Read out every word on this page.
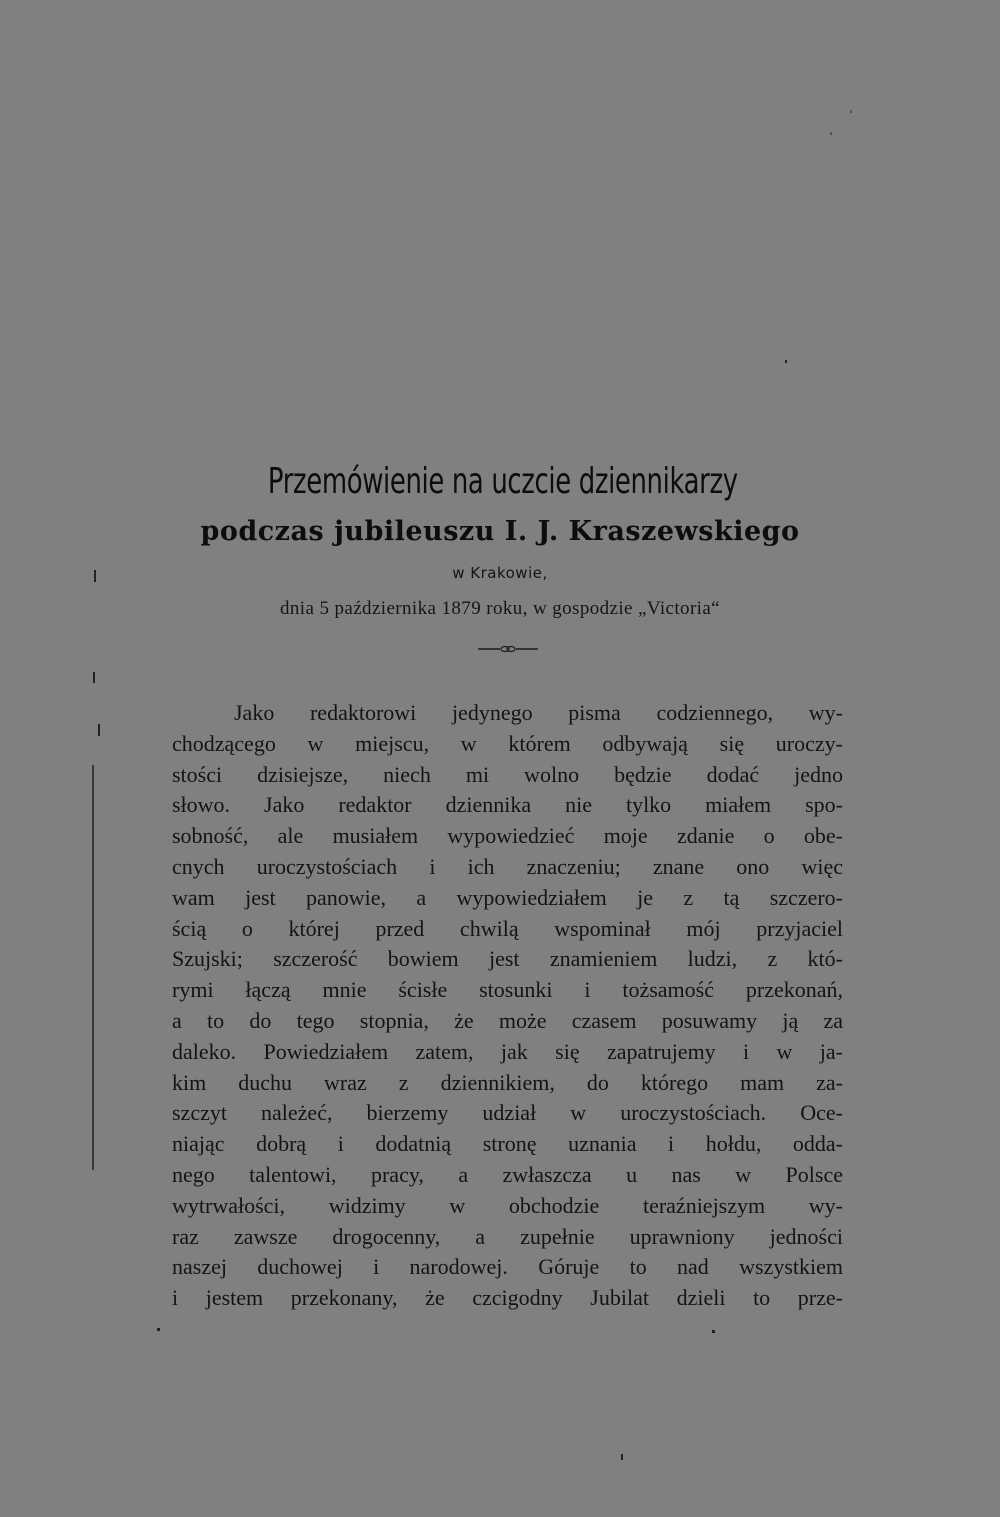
Przemówienie na uczcie dziennikarzy
podczas jubileuszu I. J. Kraszewskiego
w Krakowie,
dnia 5 października 1879 roku, w gospodzie „Victoria“
Jako redaktorowi jedynego pisma codziennego, wy-
chodzącego w miejscu, w którem odbywają się uroczy-
stości dzisiejsze, niech mi wolno będzie dodać jedno
słowo. Jako redaktor dziennika nie tylko miałem spo-
sobność, ale musiałem wypowiedzieć moje zdanie o obe-
cnych uroczystościach i ich znaczeniu; znane ono więc
wam jest panowie, a wypowiedziałem je z tą szczero-
ścią o której przed chwilą wspominał mój przyjaciel
Szujski; szczerość bowiem jest znamieniem ludzi, z któ-
rymi łączą mnie ścisłe stosunki i tożsamość przekonań,
a to do tego stopnia, że może czasem posuwamy ją za
daleko. Powiedziałem zatem, jak się zapatrujemy i w ja-
kim duchu wraz z dziennikiem, do którego mam za-
szczyt należeć, bierzemy udział w uroczystościach. Oce-
niając dobrą i dodatnią stronę uznania i hołdu, odda-
nego talentowi, pracy, a zwłaszcza u nas w Polsce
wytrwałości, widzimy w obchodzie teraźniejszym wy-
raz zawsze drogocenny, a zupełnie uprawniony jedności
naszej duchowej i narodowej. Góruje to nad wszystkiem
i jestem przekonany, że czcigodny Jubilat dzieli to prze-
